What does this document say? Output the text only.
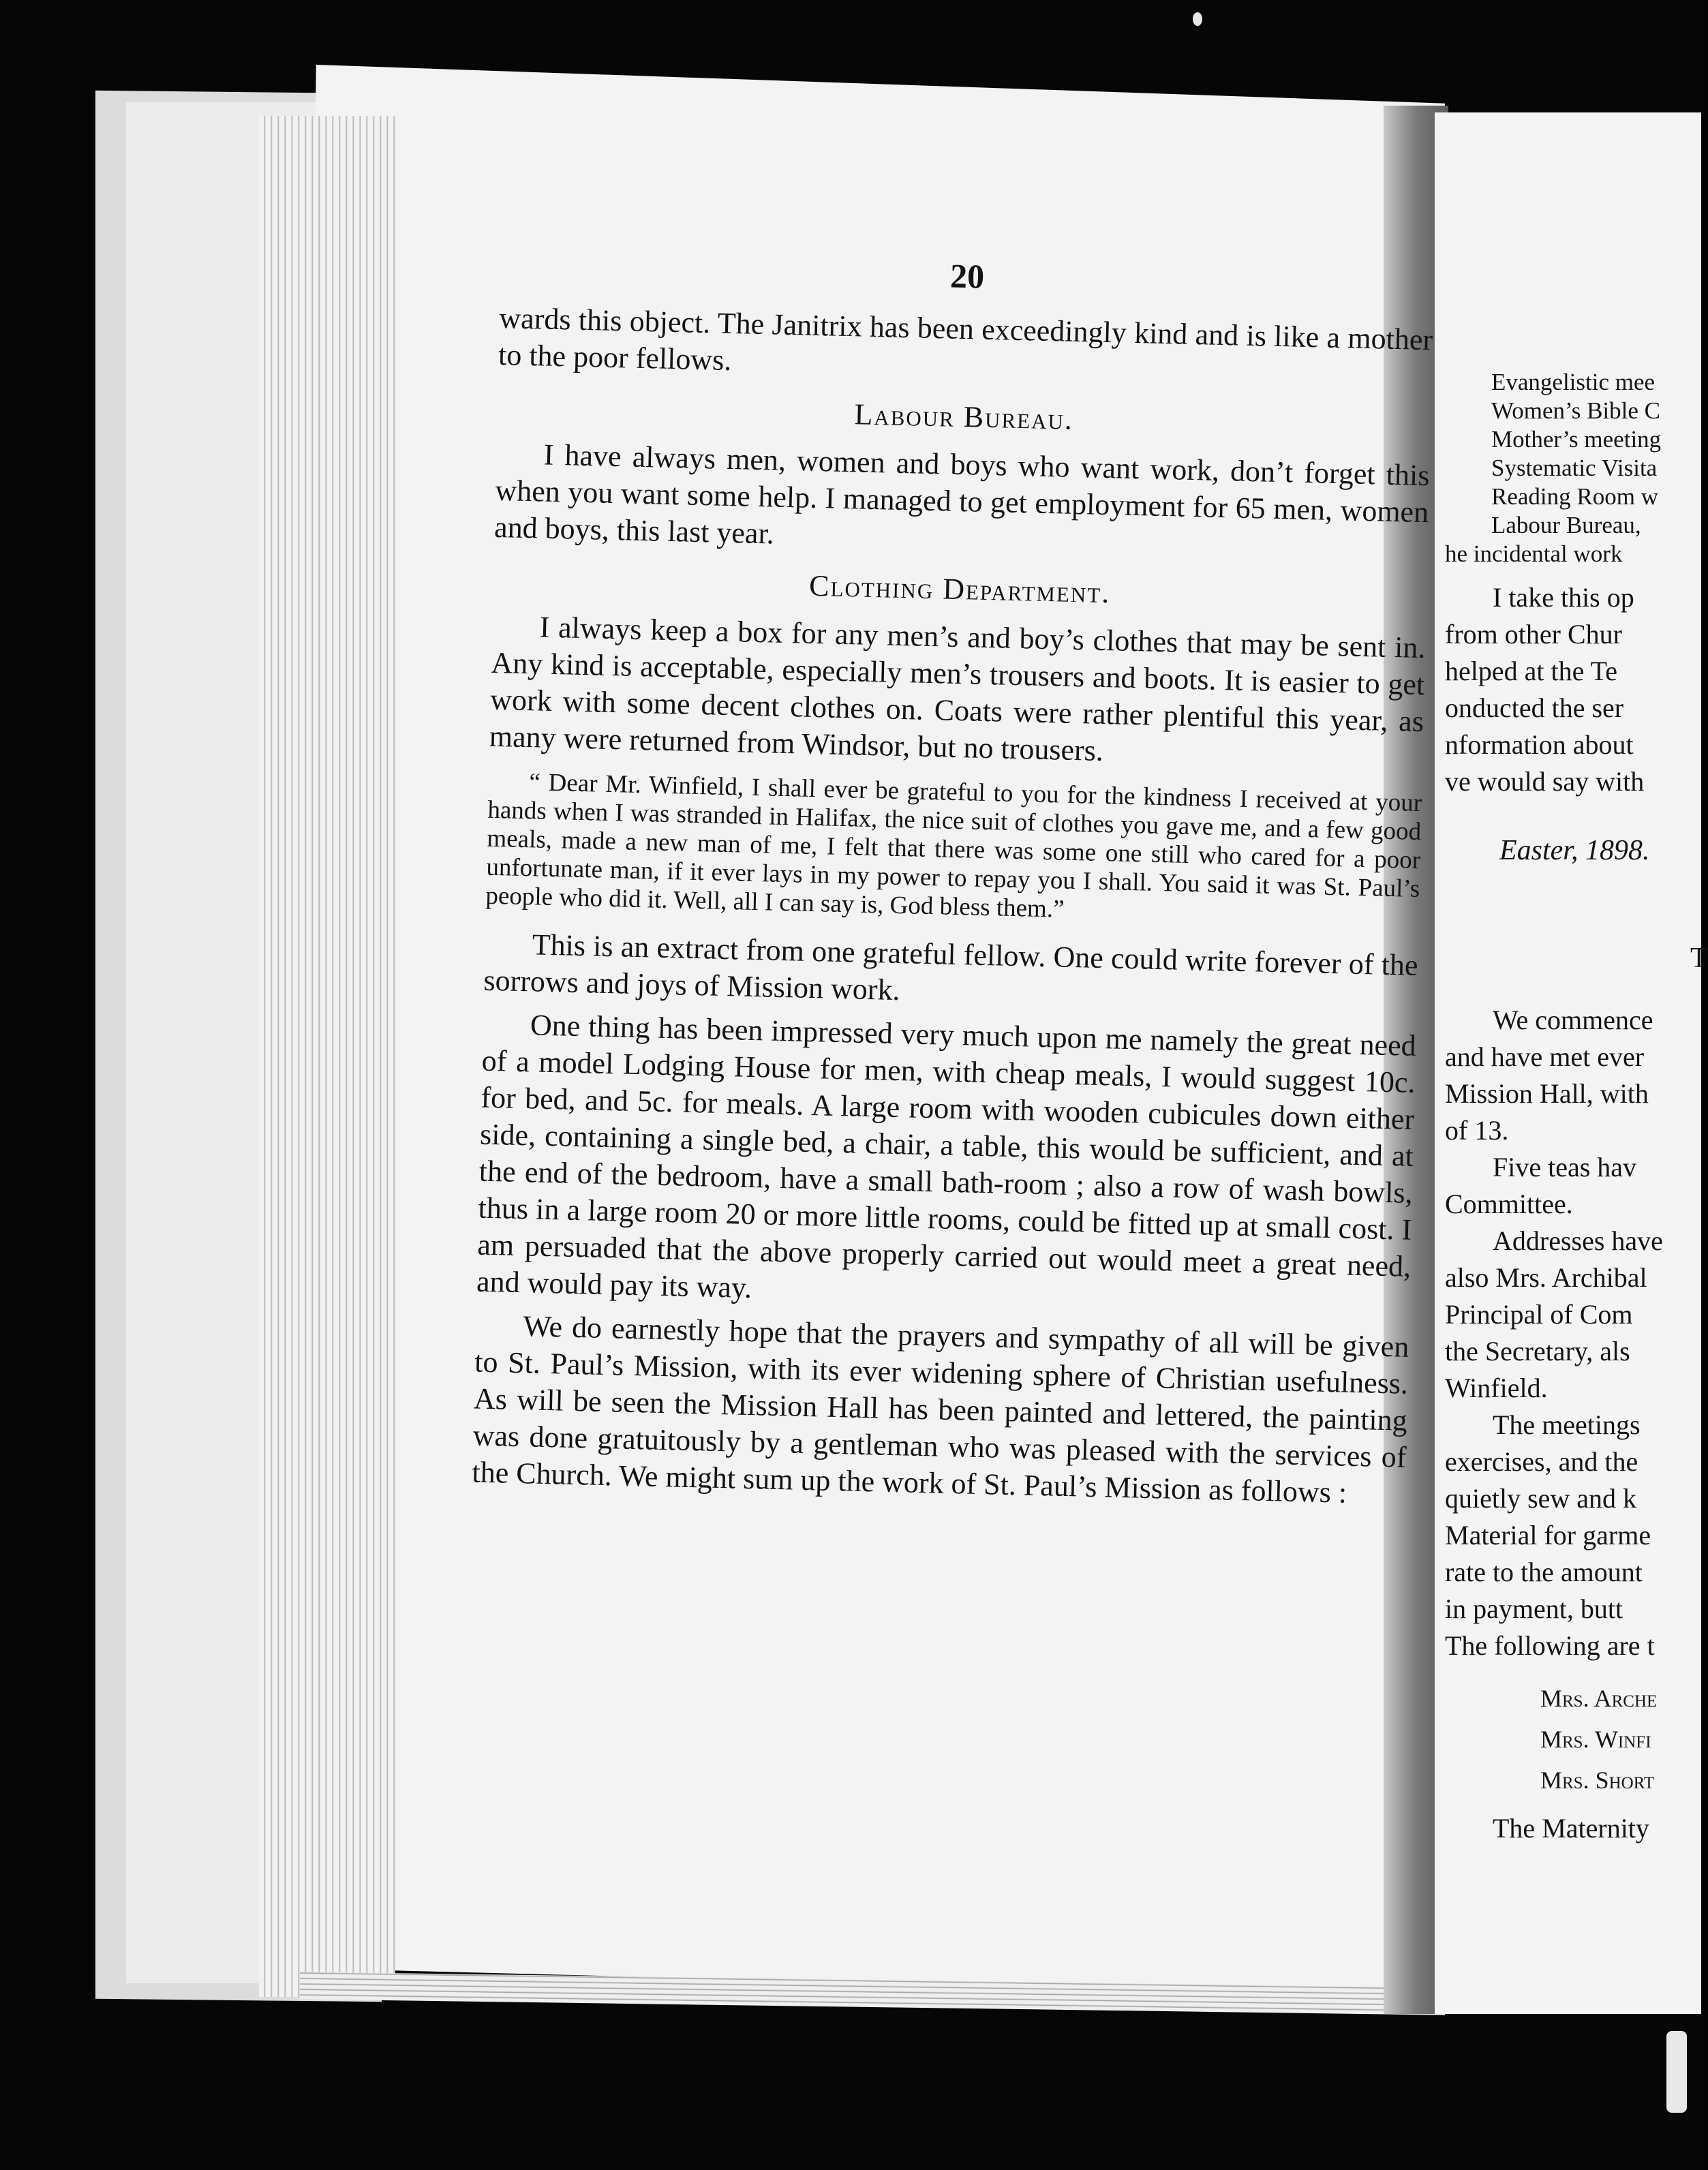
20

wards this object. The Janitrix has been exceedingly kind and is like a mother to the poor fellows.

Labour Bureau.

I have always men, women and boys who want work, don’t forget this when you want some help. I managed to get employment for 65 men, women and boys, this last year.

Clothing Department.

I always keep a box for any men’s and boy’s clothes that may be sent in. Any kind is acceptable, especially men’s trousers and boots. It is easier to get work with some decent clothes on. Coats were rather plentiful this year, as many were returned from Windsor, but no trousers.

“ Dear Mr. Winfield, I shall ever be grateful to you for the kindness I received at your hands when I was stranded in Halifax, the nice suit of clothes you gave me, and a few good meals, made a new man of me, I felt that there was some one still who cared for a poor unfortunate man, if it ever lays in my power to repay you I shall. You said it was St. Paul’s people who did it. Well, all I can say is, God bless them.”

This is an extract from one grateful fellow. One could write forever of the sorrows and joys of Mission work.

One thing has been impressed very much upon me namely the great need of a model Lodging House for men, with cheap meals, I would suggest 10c. for bed, and 5c. for meals. A large room with wooden cubicules down either side, containing a single bed, a chair, a table, this would be sufficient, and at the end of the bedroom, have a small bath-room ; also a row of wash bowls, thus in a large room 20 or more little rooms, could be fitted up at small cost. I am persuaded that the above properly carried out would meet a great need, and would pay its way.

We do earnestly hope that the prayers and sympathy of all will be given to St. Paul’s Mission, with its ever widening sphere of Christian usefulness. As will be seen the Mission Hall has been painted and lettered, the painting was done gratuitously by a gentleman who was pleased with the services of the Church. We might sum up the work of St. Paul’s Mission as follows :

Evangelistic mee
Women’s Bible C
Mother’s meeting
Systematic Visita
Reading Room w
Labour Bureau,
he incidental work
I take this op
from other Chur
helped at the Te
onducted the ser
nformation about
ve would say with
Easter, 1898.
T
We commence
and have met ever
Mission Hall, with
of 13.
Five teas hav
Committee.
Addresses have
also Mrs. Archibal
Principal of Com
the Secretary, als
Winfield.
The meetings
exercises, and the
quietly sew and k
Material for garme
rate to the amount
in payment, butt
The following are t
Mrs. Arche
Mrs. Winfi
Mrs. Short
The Maternity
